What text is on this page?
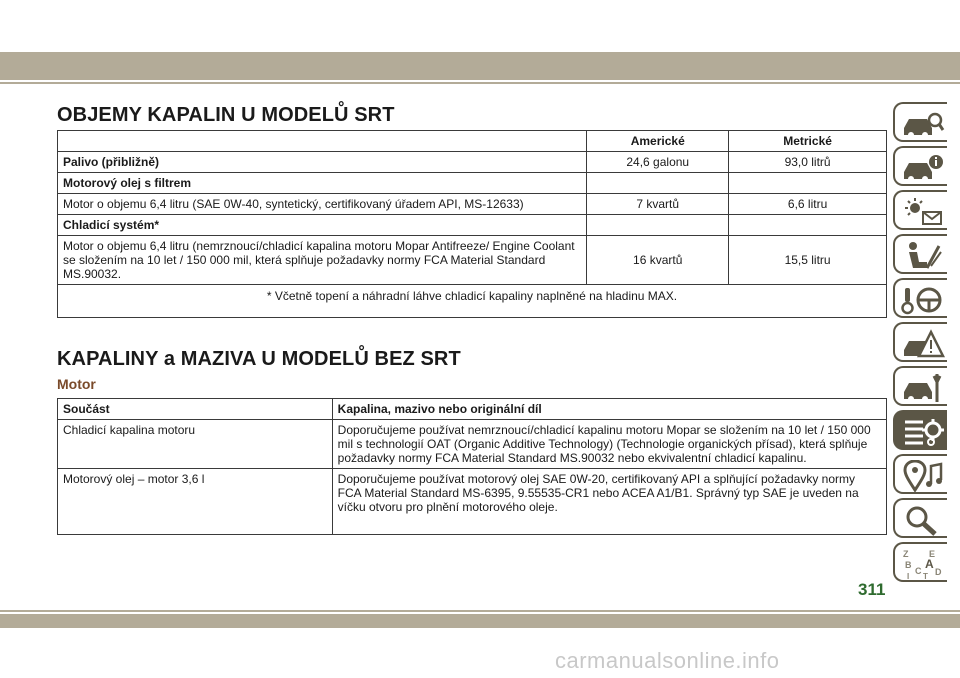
OBJEMY KAPALIN U MODELŮ SRT
	Americké	Metrické
Palivo (přibližně)	24,6 galonu	93,0 litrů
Motorový olej s filtrem		
Motor o objemu 6,4 litru (SAE 0W-40, syntetický, certifikovaný úřadem API, MS-12633)	7 kvartů	6,6 litru
Chladicí systém*		
Motor o objemu 6,4 litru (nemrznoucí/chladicí kapalina motoru Mopar Antifreeze/ Engine Coolant se složením na 10 let / 150 000 mil, která splňuje požadavky normy FCA Material Standard MS.90032.	16 kvartů	15,5 litru
* Včetně topení a náhradní láhve chladicí kapaliny naplněné na hladinu MAX.		
KAPALINY a MAZIVA U MODELŮ BEZ SRT
Motor
Součást	Kapalina, mazivo nebo originální díl
Chladicí kapalina motoru	Doporučujeme používat nemrznoucí/chladicí kapalinu motoru Mopar se složením na 10 let / 150 000 mil s technologií OAT (Organic Additive Technology) (Technologie organických přísad), která splňuje požadavky normy FCA Material Standard MS.90032 nebo ekvivalentní chladicí kapalinu.
Motorový olej – motor 3,6 l	Doporučujeme používat motorový olej SAE 0W-20, certifikovaný API a splňující požadavky normy FCA Material Standard MS-6395, 9.55535-CR1 nebo ACEA A1/B1. Správný typ SAE je uveden na víčku otvoru pro plnění motorového oleje.
Z E
B A
C D
I T
311
carmanualsonline.info
